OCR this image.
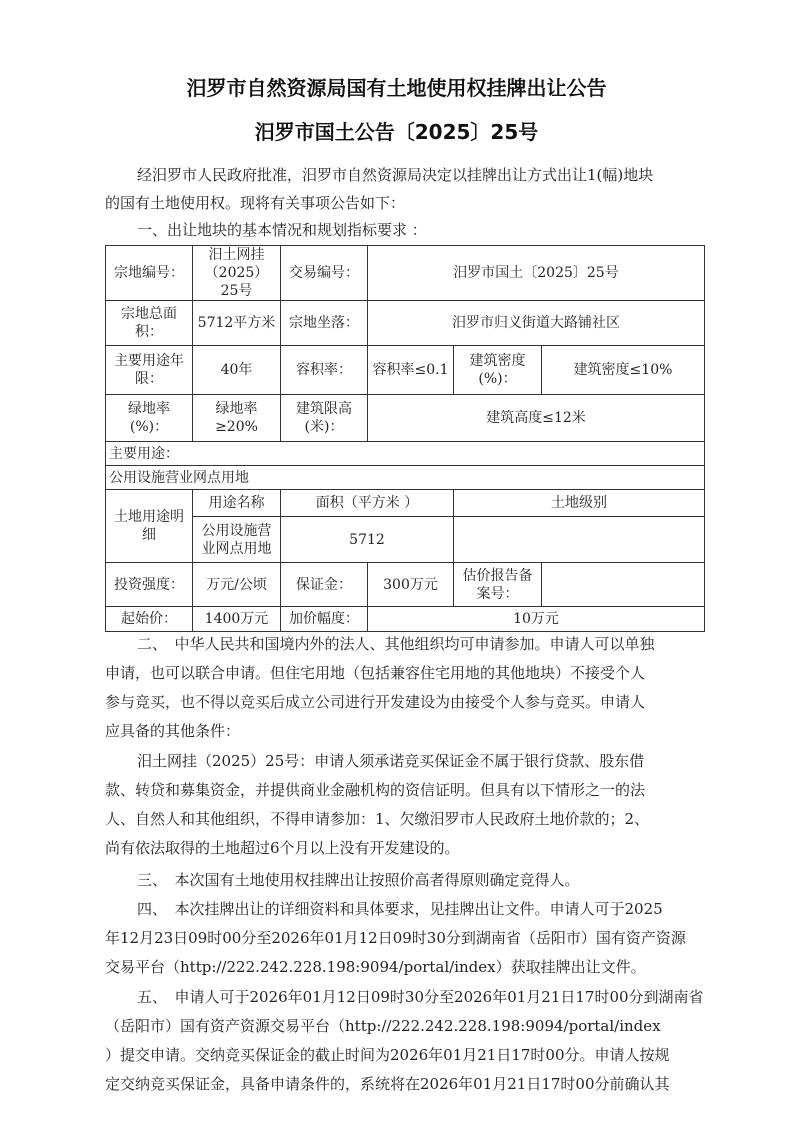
汨罗市自然资源局国有土地使用权挂牌出让公告
汨罗市国土公告〔2025〕25号
经汨罗市人民政府批准，汨罗市自然资源局决定以挂牌出让方式出让1(幅)地块
的国有土地使用权。现将有关事项公告如下：
一、出让地块的基本情况和规划指标要求 ：
宗地编号：	汨土网挂（2025）25号	交易编号：	汨罗市国土〔2025〕25号		
宗地总面积：	5712平方米	宗地坐落：	汨罗市归义街道大路铺社区		
主要用途年限：	40年	容积率：	容积率≤0.1	建筑密度(%)：	建筑密度≤10%
绿地率(%)：	绿地率≥20%	建筑限高(米)：	建筑高度≤12米		
主要用途：					
公用设施营业网点用地					
土地用途明细	用途名称	面积（平方米 ）		土地级别	
	公用设施营业网点用地	5712			
投资强度：	万元/公顷	保证金：	300万元	估价报告备案号：	
起始价：	1400万元	加价幅度：	10万元		
二、　中华人民共和国境内外的法人、其他组织均可申请参加。申请人可以单独
申请，也可以联合申请。但住宅用地（包括兼容住宅用地的其他地块）不接受个人
参与竞买，也不得以竞买后成立公司进行开发建设为由接受个人参与竞买。申请人
应具备的其他条件：
汨土网挂（2025）25号：申请人须承诺竞买保证金不属于银行贷款、股东借
款、转贷和募集资金，并提供商业金融机构的资信证明。但具有以下情形之一的法
人、自然人和其他组织，不得申请参加：1、欠缴汨罗市人民政府土地价款的；2、
尚有依法取得的土地超过6个月以上没有开发建设的。
三、　本次国有土地使用权挂牌出让按照价高者得原则确定竞得人。
四、　本次挂牌出让的详细资料和具体要求，见挂牌出让文件。申请人可于2025
年12月23日09时00分至2026年01月12日09时30分到湖南省（岳阳市）国有资产资源
交易平台（http://222.242.228.198:9094/portal/index）获取挂牌出让文件。
五、　申请人可于2026年01月12日09时30分至2026年01月21日17时00分到湖南省
（岳阳市）国有资产资源交易平台（http://222.242.228.198:9094/portal/index
）提交申请。交纳竞买保证金的截止时间为2026年01月21日17时00分。申请人按规
定交纳竞买保证金，具备申请条件的，系统将在2026年01月21日17时00分前确认其
